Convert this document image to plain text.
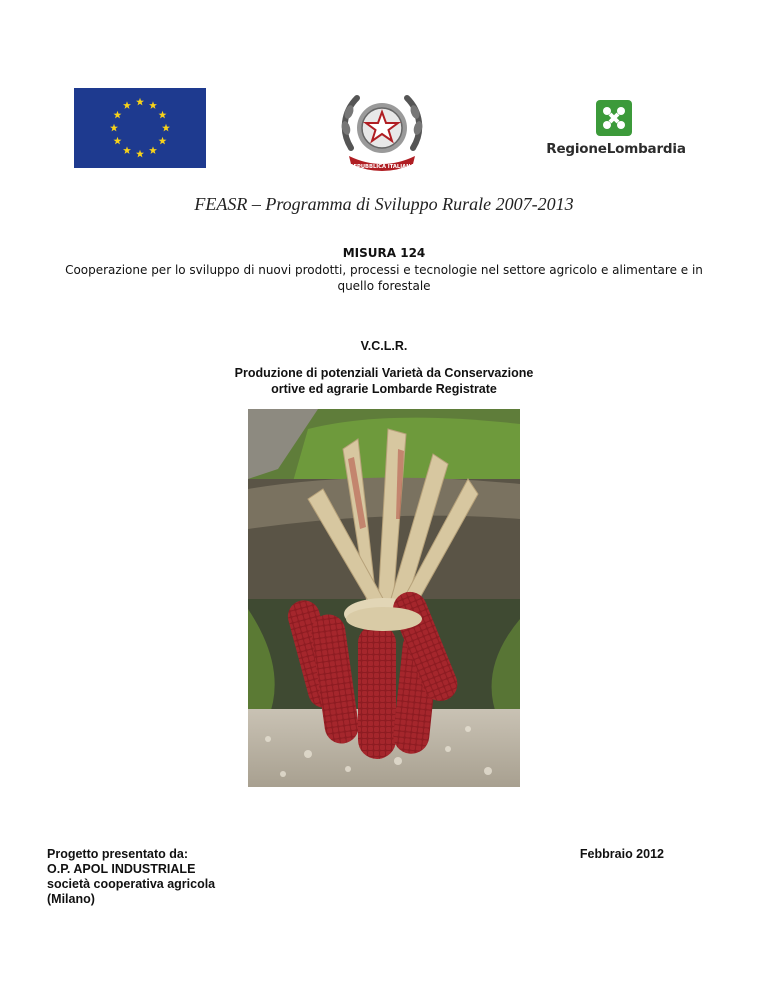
REPUBBLICA ITALIANA
RegioneLombardia
FEASR – Programma di Sviluppo Rurale 2007-2013
MISURA 124
Cooperazione per lo sviluppo di nuovi prodotti, processi e tecnologie nel settore agricolo e alimentare e in
quello forestale
V.C.L.R.
Produzione di potenziali Varietà da Conservazione
ortive ed agrarie Lombarde Registrate
Progetto presentato da:
O.P. APOL INDUSTRIALE
società cooperativa agricola
(Milano)
Febbraio 2012
